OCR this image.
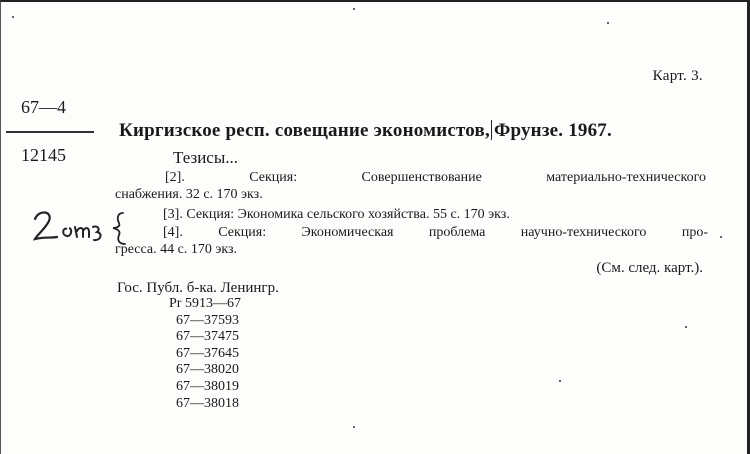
Карт. 3.
67—4
12145
Киргизское респ. совещание экономистов, Фрунзе. 1967.
Тезисы...
[2]. Секция: Совершенствование материально-технического
снабжения. 32 с. 170 экз.
[3]. Секция: Экономика сельского хозяйства. 55 с. 170 экз.
[4]. Секция: Экономическая проблема научно-технического про-
гресса. 44 с. 170 экз.
(См. след. карт.).
Гос. Публ. б-ка. Ленингр.
Pr 5913—67
67—37593
67—37475
67—37645
67—38020
67—38019
67—38018
